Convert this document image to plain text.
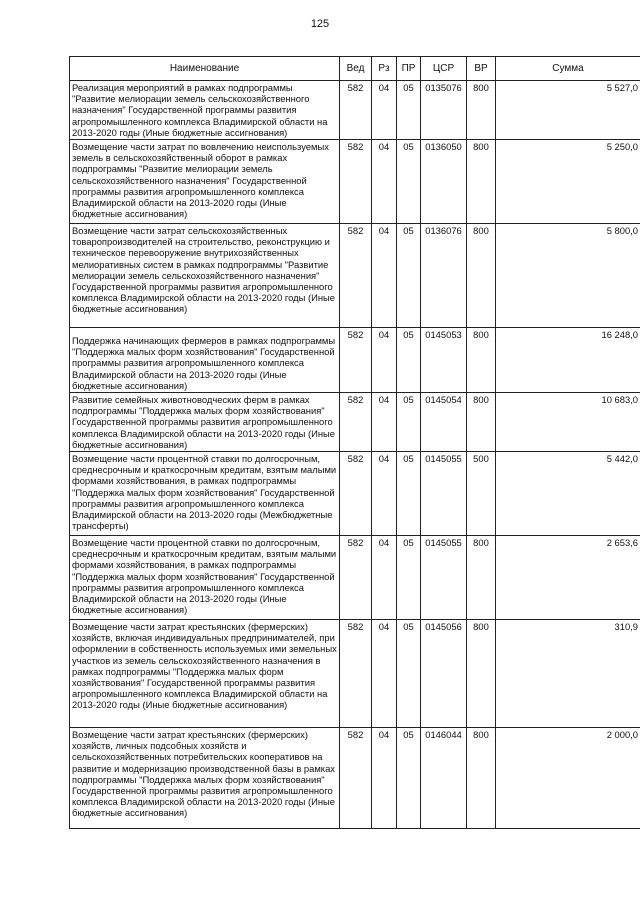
125
Наименование	Вед	Рз	ПР	ЦСР	ВР	Сумма
Реализация мероприятий в рамках подпрограммы "Развитие мелиорации земель сельскохозяйственного назначения" Государственной программы развития агропромышленного комплекса Владимирской области на 2013-2020 годы (Иные бюджетные ассигнования)	582	04	05	0135076	800	5 527,0
Возмещение части затрат по вовлечению неиспользуемых земель в сельскохозяйственный оборот в рамках подпрограммы "Развитие мелиорации земель сельскохозяйственного назначения" Государственной программы развития агропромышленного комплекса Владимирской области на 2013-2020 годы (Иные бюджетные ассигнования)	582	04	05	0136050	800	5 250,0
Возмещение части затрат сельскохозяйственных товаропроизводителей на строительство, реконструкцию и техническое перевооружение внутрихозяйственных мелиоративных систем в рамках подпрограммы "Развитие мелиорации земель сельскохозяйственного назначения" Государственной программы развития агропромышленного комплекса Владимирской области на 2013-2020 годы (Иные бюджетные ассигнования)	582	04	05	0136076	800	5 800,0
Поддержка начинающих фермеров в рамках подпрограммы "Поддержка малых форм хозяйствования" Государственной программы развития агропромышленного комплекса Владимирской области на 2013-2020 годы (Иные бюджетные ассигнования)	582	04	05	0145053	800	16 248,0
Развитие семейных животноводческих ферм в рамках подпрограммы "Поддержка малых форм хозяйствования" Государственной программы развития агропромышленного комплекса Владимирской области на 2013-2020 годы (Иные бюджетные ассигнования)	582	04	05	0145054	800	10 683,0
Возмещение части процентной ставки по долгосрочным, среднесрочным и краткосрочным кредитам, взятым малыми формами хозяйствования, в рамках подпрограммы "Поддержка малых форм хозяйствования" Государственной программы развития агропромышленного комплекса Владимирской области на 2013-2020 годы (Межбюджетные трансферты)	582	04	05	0145055	500	5 442,0
Возмещение части процентной ставки по долгосрочным, среднесрочным и краткосрочным кредитам, взятым малыми формами хозяйствования, в рамках подпрограммы "Поддержка малых форм хозяйствования" Государственной программы развития агропромышленного комплекса Владимирской области на 2013-2020 годы (Иные бюджетные ассигнования)	582	04	05	0145055	800	2 653,6
Возмещение части затрат крестьянских (фермерских) хозяйств, включая индивидуальных предпринимателей, при оформлении в собственность используемых ими земельных участков из земель сельскохозяйственного назначения в рамках подпрограммы "Поддержка малых форм хозяйствования" Государственной программы развития агропромышленного комплекса Владимирской области на 2013-2020 годы (Иные бюджетные ассигнования)	582	04	05	0145056	800	310,9
Возмещение части затрат крестьянских (фермерских) хозяйств, личных подсобных хозяйств и сельскохозяйственных потребительских кооперативов на развитие и модернизацию производственной базы в рамках подпрограммы "Поддержка малых форм хозяйствования" Государственной программы развития агропромышленного комплекса Владимирской области на 2013-2020 годы (Иные бюджетные ассигнования)	582	04	05	0146044	800	2 000,0
